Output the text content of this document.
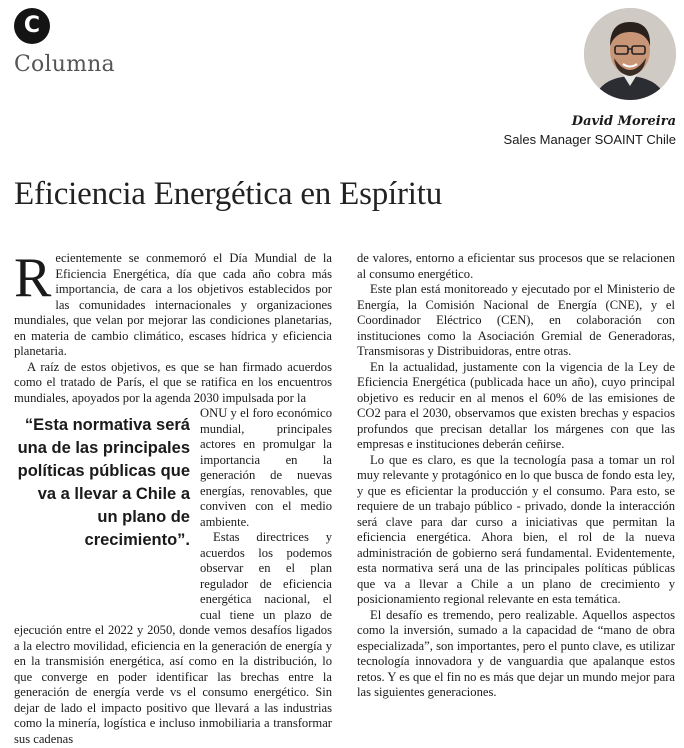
C
Columna
David Moreira
Sales Manager SOAINT Chile
Eficiencia Energética en Espíritu

Recientemente se conmemoró el Día Mundial de la Eficiencia Energética, día que cada año cobra más importancia, de cara a los objetivos establecidos por las comunidades internacionales y organizaciones mundiales, que velan por mejorar las condiciones planetarias, en materia de cambio climático, escases hídrica y eficiencia planetaria.

A raíz de estos objetivos, es que se han firmado acuerdos como el tratado de París, el que se ratifica en los encuentros mundiales, apoyados por la agenda 2030 impulsada por la

“Esta normativa será una de las principales políticas públicas que va a llevar a Chile a un plano de crecimiento”.

ONU y el foro económico mundial, principales actores en promulgar la importancia en la generación de nuevas energías, renovables, que conviven con el medio ambiente.

Estas directrices y acuerdos los podemos observar en el plan regulador de eficiencia energética nacional, el cual tiene un plazo de ejecución entre el 2022 y 2050, donde vemos desafíos ligados a la electro movilidad, eficiencia en la generación de energía y en la transmisión energética, así como en la distribución, lo que converge en poder identificar las brechas entre la generación de energía verde vs el consumo energético. Sin dejar de lado el impacto positivo que llevará a las industrias como la minería, logística e incluso inmobiliaria a transformar sus cadenas

de valores, entorno a eficientar sus procesos que se relacionen al consumo energético.

Este plan está monitoreado y ejecutado por el Ministerio de Energía, la Comisión Nacional de Energía (CNE), y el Coordinador Eléctrico (CEN), en colaboración con instituciones como la Asociación Gremial de Generadoras, Transmisoras y Distribuidoras, entre otras.

En la actualidad, justamente con la vigencia de la Ley de Eficiencia Energética (publicada hace un año), cuyo principal objetivo es reducir en al menos el 60% de las emisiones de CO2 para el 2030, observamos que existen brechas y espacios profundos que precisan detallar los márgenes con que las empresas e instituciones deberán ceñirse.

Lo que es claro, es que la tecnología pasa a tomar un rol muy relevante y protagónico en lo que busca de fondo esta ley, y que es eficientar la producción y el consumo. Para esto, se requiere de un trabajo público - privado, donde la interacción será clave para dar curso a iniciativas que permitan la eficiencia energética. Ahora bien, el rol de la nueva administración de gobierno será fundamental. Evidentemente, esta normativa será una de las principales políticas públicas que va a llevar a Chile a un plano de crecimiento y posicionamiento regional relevante en esta temática.

El desafío es tremendo, pero realizable. Aquellos aspectos como la inversión, sumado a la capacidad de “mano de obra especializada”, son importantes, pero el punto clave, es utilizar tecnología innovadora y de vanguardia que apalanque estos retos. Y es que el fin no es más que dejar un mundo mejor para las siguientes generaciones.
